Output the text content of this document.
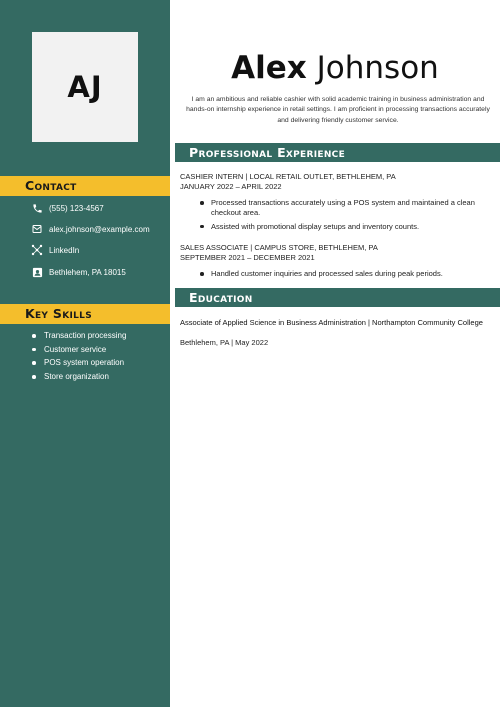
AJ
Contact
(555) 123-4567
alex.johnson@example.com
LinkedIn
Bethlehem, PA 18015
Key Skills
Transaction processing
Customer service
POS system operation
Store organization
Alex Johnson
I am an ambitious and reliable cashier with solid academic training in business administration and hands-on internship experience in retail settings. I am proficient in processing transactions accurately and delivering friendly customer service.
Professional Experience
CASHIER INTERN | LOCAL RETAIL OUTLET, BETHLEHEM, PA
JANUARY 2022 – APRIL 2022
Processed transactions accurately using a POS system and maintained a clean checkout area.
Assisted with promotional display setups and inventory counts.
SALES ASSOCIATE | CAMPUS STORE, BETHLEHEM, PA
SEPTEMBER 2021 – DECEMBER 2021
Handled customer inquiries and processed sales during peak periods.
Education
Associate of Applied Science in Business Administration | Northampton Community College
Bethlehem, PA | May 2022
